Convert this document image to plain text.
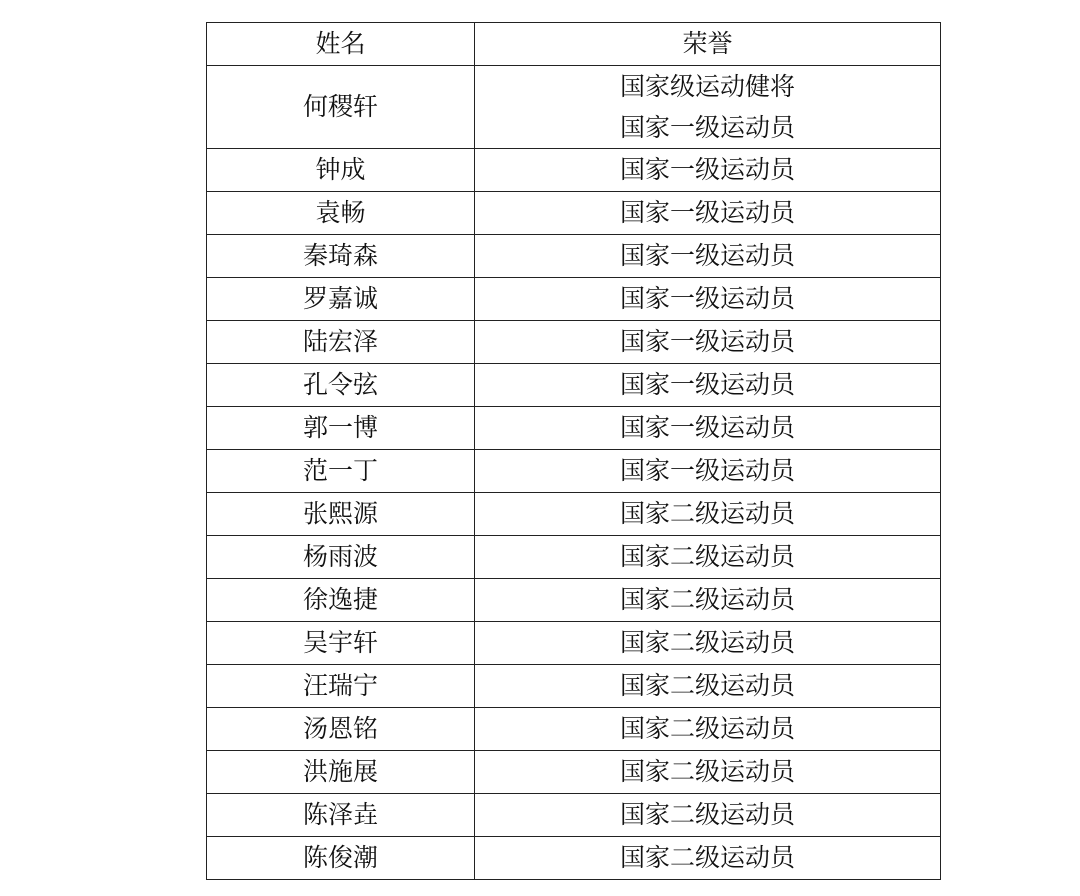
姓名	荣誉
何稷轩	国家级运动健将
国家一级运动员

钟成	国家一级运动员
袁畅	国家一级运动员
秦琦森	国家一级运动员
罗嘉诚	国家一级运动员
陆宏泽	国家一级运动员
孔令弦	国家一级运动员
郭一博	国家一级运动员
范一丁	国家一级运动员
张熙源	国家二级运动员
杨雨波	国家二级运动员
徐逸捷	国家二级运动员
吴宇轩	国家二级运动员
汪瑞宁	国家二级运动员
汤恩铭	国家二级运动员
洪施展	国家二级运动员
陈泽垚	国家二级运动员
陈俊潮	国家二级运动员
